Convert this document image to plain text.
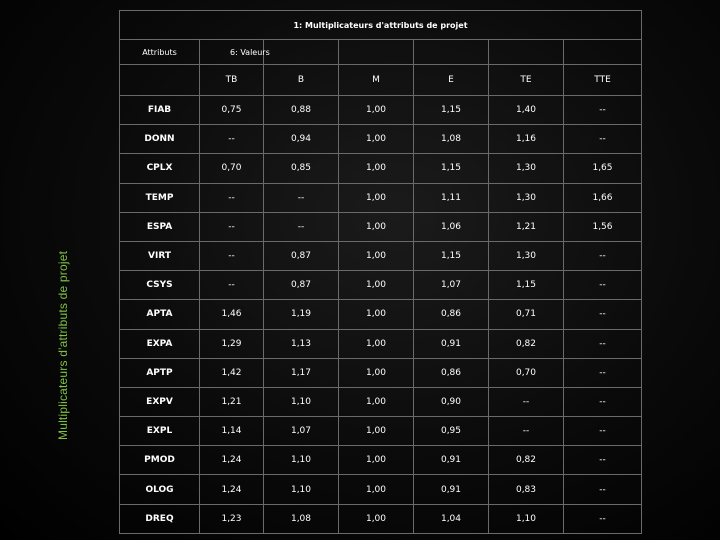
Multiplicateurs d'attributs de projet
1: Multiplicateurs d'attributs de projet						
Attributs	6: Valeurs					
	TB	B	M	E	TE	TTE
FIAB	0,75	0,88	1,00	1,15	1,40	--
DONN	--	0,94	1,00	1,08	1,16	--
CPLX	0,70	0,85	1,00	1,15	1,30	1,65
TEMP	--	--	1,00	1,11	1,30	1,66
ESPA	--	--	1,00	1,06	1,21	1,56
VIRT	--	0,87	1,00	1,15	1,30	--
CSYS	--	0,87	1,00	1,07	1,15	--
APTA	1,46	1,19	1,00	0,86	0,71	--
EXPA	1,29	1,13	1,00	0,91	0,82	--
APTP	1,42	1,17	1,00	0,86	0,70	--
EXPV	1,21	1,10	1,00	0,90	--	--
EXPL	1,14	1,07	1,00	0,95	--	--
PMOD	1,24	1,10	1,00	0,91	0,82	--
OLOG	1,24	1,10	1,00	0,91	0,83	--
DREQ	1,23	1,08	1,00	1,04	1,10	--
